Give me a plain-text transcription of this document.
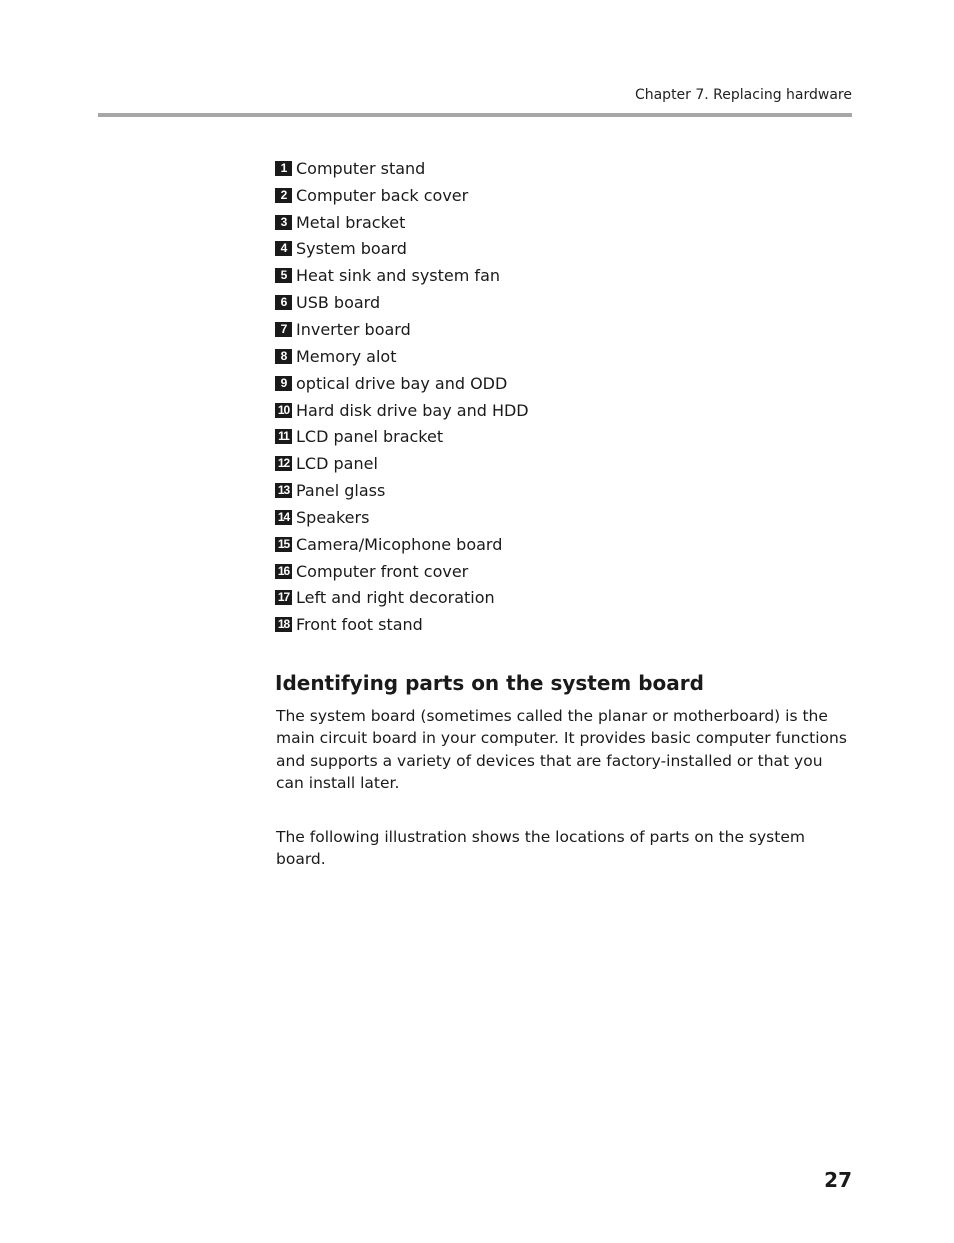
Chapter 7. Replacing hardware
1 Computer stand
2 Computer back cover
3 Metal bracket
4 System board
5 Heat sink and system fan
6 USB board
7 Inverter board
8 Memory alot
9 optical drive bay and ODD
10 Hard disk drive bay and HDD
11 LCD panel bracket
12 LCD panel
13 Panel glass
14 Speakers
15 Camera/Micophone board
16 Computer front cover
17 Left and right decoration
18 Front foot stand
Identifying parts on the system board

The system board (sometimes called the planar or motherboard) is the main circuit board in your computer. It provides basic computer functions and supports a variety of devices that are factory-installed or that you can install later.

The following illustration shows the locations of parts on the system board.

27
